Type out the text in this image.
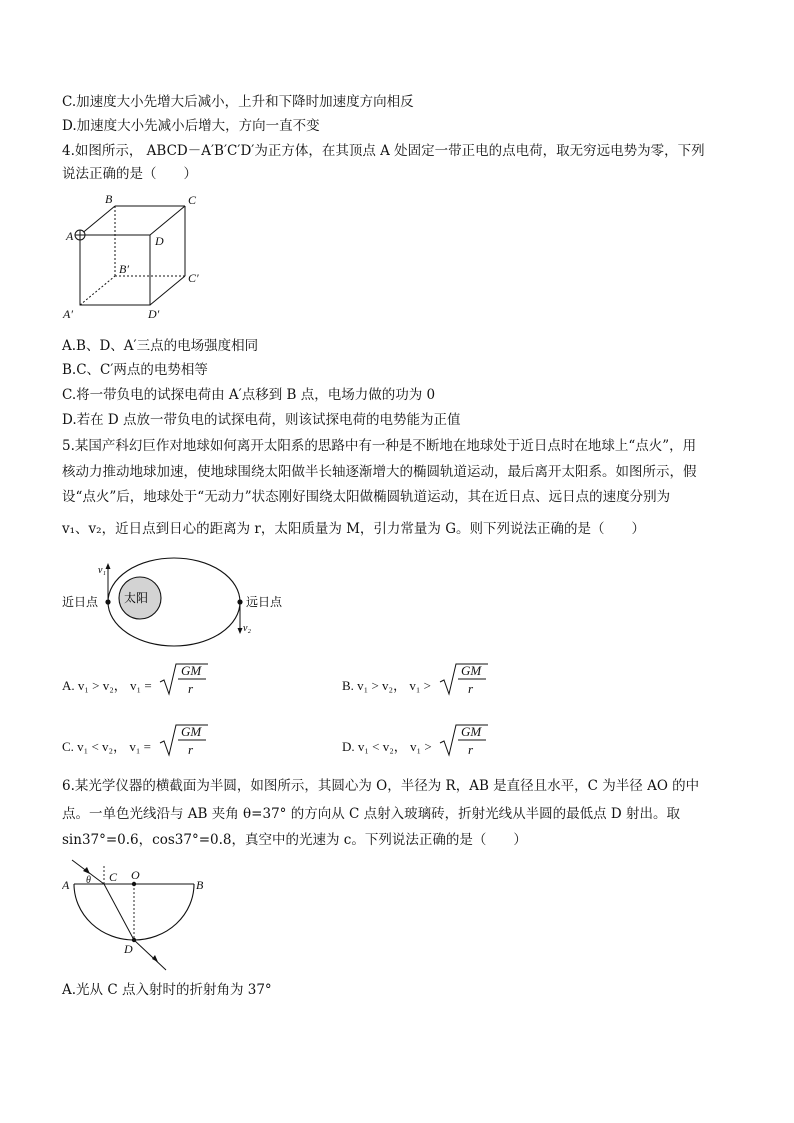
C.加速度大小先增大后减小，上升和下降时加速度方向相反
D.加速度大小先减小后增大，方向一直不变
4.如图所示， ABCD－A′B′C′D′为正方体，在其顶点 A 处固定一带正电的点电荷，取无穷远电势为零，下列
说法正确的是（　　）
B	C
A	D
B′
C′
A′	D′
A.B、D、A′三点的电场强度相同
B.C、C′两点的电势相等
C.将一带负电的试探电荷由 A′点移到 B 点，电场力做的功为 0
D.若在 D 点放一带负电的试探电荷，则该试探电荷的电势能为正值
5.某国产科幻巨作对地球如何离开太阳系的思路中有一种是不断地在地球处于近日点时在地球上“点火”，用
核动力推动地球加速，使地球围绕太阳做半长轴逐渐增大的椭圆轨道运动，最后离开太阳系。如图所示，假
设“点火”后，地球处于“无动力”状态刚好围绕太阳做椭圆轨道运动，其在近日点、远日点的速度分别为
v₁、v₂，近日点到日心的距离为 r，太阳质量为 M，引力常量为 G。则下列说法正确的是（　　）
太阳
v₁
v₂
近日点	远日点
A. v₁ > v₂， v₁ =
GM
r	B. v₁ > v₂， v₁ >
GM
r
C. v₁ < v₂， v₁ =
GM
r	D. v₁ < v₂， v₁ >
GM
r
6.某光学仪器的横截面为半圆，如图所示，其圆心为 O，半径为 R，AB 是直径且水平，C 为半径 AO 的中
点。一单色光线沿与 AB 夹角 θ=37° 的方向从 C 点射入玻璃砖，折射光线从半圆的最低点 D 射出。取
sin37°=0.6，cos37°=0.8，真空中的光速为 c。下列说法正确的是（　　）
A	B
C O
D
θ
A.光从 C 点入射时的折射角为 37°
